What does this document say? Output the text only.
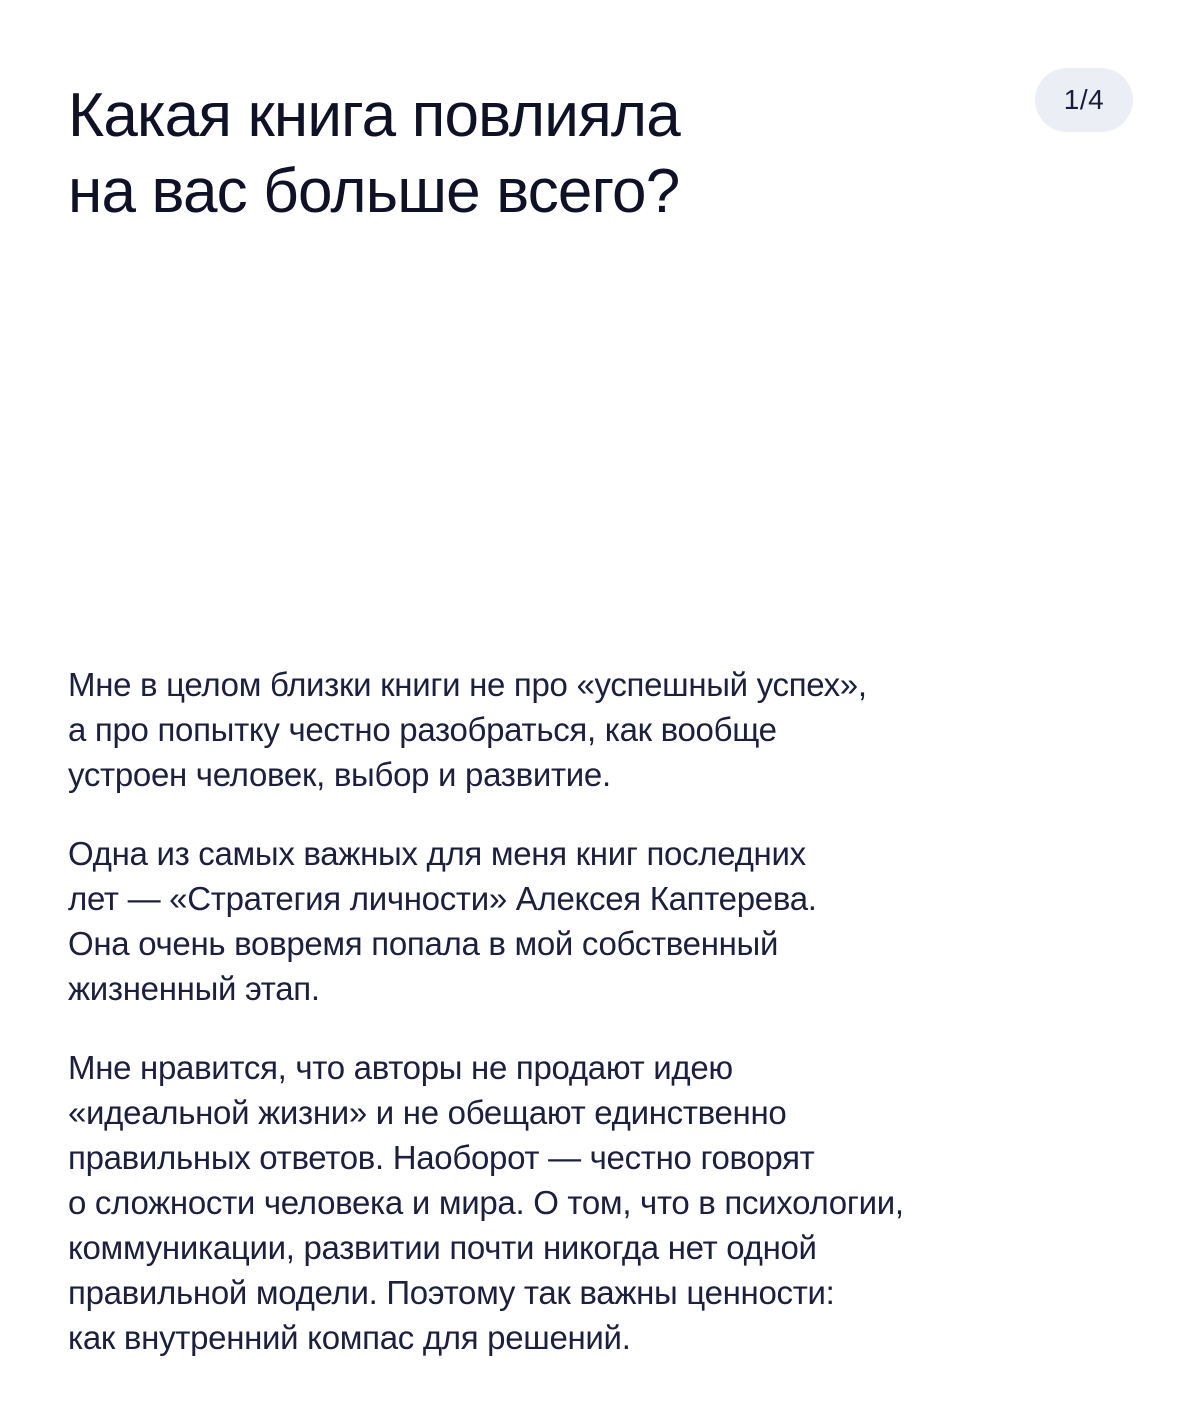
Какая книга повлияла
на вас больше всего?
1/4

Мне в целом близки книги не про «успешный успех»,
а про попытку честно разобраться, как вообще
устроен человек, выбор и развитие.

Одна из самых важных для меня книг последних
лет — «Стратегия личности» Алексея Каптерева.
Она очень вовремя попала в мой собственный
жизненный этап.

Мне нравится, что авторы не продают идею
«идеальной жизни» и не обещают единственно
правильных ответов. Наоборот — честно говорят
о сложности человека и мира. О том, что в психологии,
коммуникации, развитии почти никогда нет одной
правильной модели. Поэтому так важны ценности:
как внутренний компас для решений.
